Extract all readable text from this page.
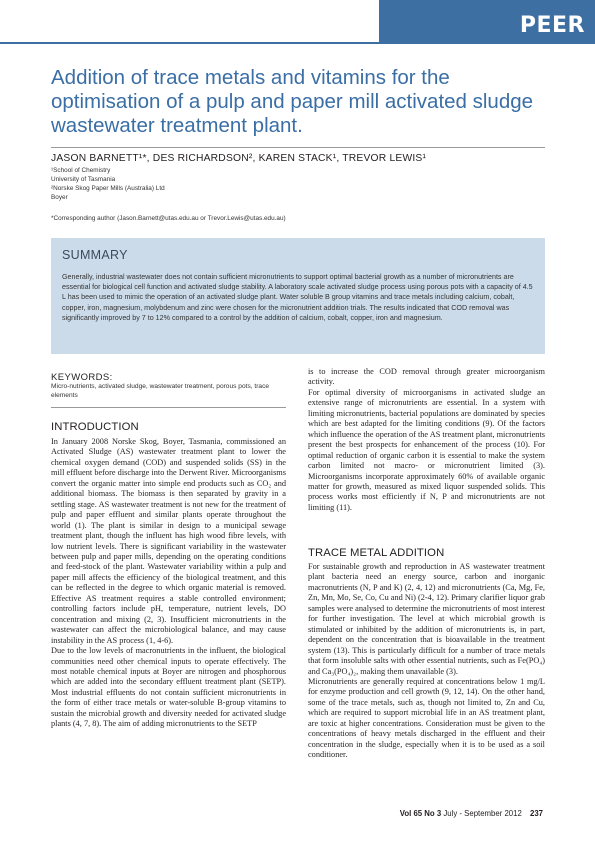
PEER REVIEWED
Addition of trace metals and vitamins for the optimisation of a pulp and paper mill activated sludge wastewater treatment plant.
JASON BARNETT¹*, DES RICHARDSON², KAREN STACK¹, TREVOR LEWIS¹
¹School of Chemistry
University of Tasmania
²Norske Skog Paper Mills (Australia) Ltd
Boyer
*Corresponding author (Jason.Barnett@utas.edu.au or Trevor.Lewis@utas.edu.au)
SUMMARY

Generally, industrial wastewater does not contain sufficient micronutrients to support optimal bacterial growth as a number of micronutrients are essential for biological cell function and activated sludge stability. A laboratory scale activated sludge process using porous pots with a capacity of 4.5 L has been used to mimic the operation of an activated sludge plant. Water soluble B group vitamins and trace metals including calcium, cobalt, copper, iron, magnesium, molybdenum and zinc were chosen for the micronutrient addition trials. The results indicated that COD removal was significantly improved by 7 to 12% compared to a control by the addition of calcium, cobalt, copper, iron and magnesium.

KEYWORDS:
Micro-nutrients, activated sludge, wastewater treatment, porous pots, trace elements
INTRODUCTION

In January 2008 Norske Skog, Boyer, Tasmania, commissioned an Activated Sludge (AS) wastewater treatment plant to lower the chemical oxygen demand (COD) and suspended solids (SS) in the mill effluent before discharge into the Derwent River. Microorganisms convert the organic matter into simple end products such as CO₂ and additional biomass. The biomass is then separated by gravity in a settling stage. AS wastewater treatment is not new for the treatment of pulp and paper effluent and similar plants operate throughout the world (1). The plant is similar in design to a municipal sewage treatment plant, though the influent has high wood fibre levels, with low nutrient levels. There is significant variability in the wastewater between pulp and paper mills, depending on the operating conditions and feed-stock of the plant. Wastewater variability within a pulp and paper mill affects the efficiency of the biological treatment, and this can be reflected in the degree to which organic material is removed. Effective AS treatment requires a stable controlled environment; controlling factors include pH, temperature, nutrient levels, DO concentration and mixing (2, 3). Insufficient micronutrients in the wastewater can affect the microbiological balance, and may cause instability in the AS process (1, 4-6).

Due to the low levels of macronutrients in the influent, the biological communities need other chemical inputs to operate effectively. The most notable chemical inputs at Boyer are nitrogen and phosphorous which are added into the secondary effluent treatment plant (SETP). Most industrial effluents do not contain sufficient micronutrients in the form of either trace metals or water-soluble B-group vitamins to sustain the microbial growth and diversity needed for activated sludge plants (4, 7, 8). The aim of adding micronutrients to the SETP

is to increase the COD removal through greater microorganism activity.

For optimal diversity of microorganisms in activated sludge an extensive range of micronutrients are essential. In a system with limiting micronutrients, bacterial populations are dominated by species which are best adapted for the limiting conditions (9). Of the factors which influence the operation of the AS treatment plant, micronutrients present the best prospects for enhancement of the process (10). For optimal reduction of organic carbon it is essential to make the system carbon limited not macro- or micronutrient limited (3). Microorganisms incorporate approximately 60% of available organic matter for growth, measured as mixed liquor suspended solids. This process works most efficiently if N, P and micronutrients are not limiting (11).

TRACE METAL ADDITION

For sustainable growth and reproduction in AS wastewater treatment plant bacteria need an energy source, carbon and inorganic macronutrients (N, P and K) (2, 4, 12) and micronutrients (Ca, Mg, Fe, Zn, Mn, Mo, Se, Co, Cu and Ni) (2-4, 12). Primary clarifier liquor grab samples were analysed to determine the micronutrients of most interest for further investigation. The level at which microbial growth is stimulated or inhibited by the addition of micronutrients is, in part, dependent on the concentration that is bioavailable in the treatment system (13). This is particularly difficult for a number of trace metals that form insoluble salts with other essential nutrients, such as Fe(PO₄) and Ca₃(PO₄)₂, making them unavailable (3).

Micronutrients are generally required at concentrations below 1 mg/L for enzyme production and cell growth (9, 12, 14). On the other hand, some of the trace metals, such as, though not limited to, Zn and Cu, which are required to support microbial life in an AS treatment plant, are toxic at higher concentrations. Consideration must be given to the concentrations of heavy metals discharged in the effluent and their concentration in the sludge, especially when it is to be used as a soil conditioner.

Vol 65 No 3 July - September 2012 237
